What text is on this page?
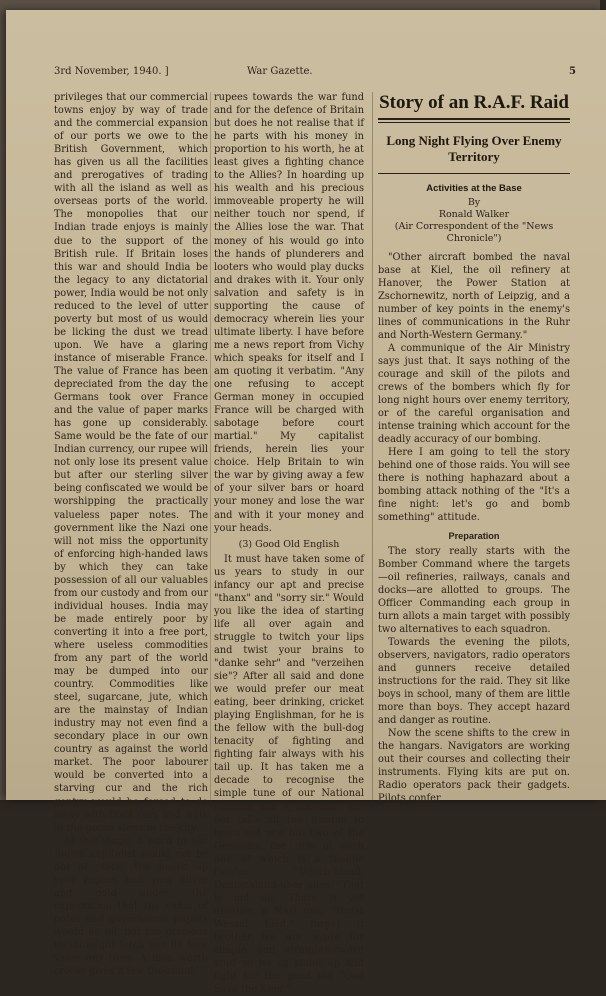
3rd November, 1940. ]	War Gazette.	5

privileges that our commercial towns enjoy by way of trade and the commercial expansion of our ports we owe to the British Government, which has given us all the facilities and prerogatives of trading with all the island as well as overseas ports of the world. The monopolies that our Indian trade enjoys is mainly due to the support of the British rule. If Britain loses this war and should India be the legacy to any dictatorial power, India would be not only reduced to the level of utter poverty but most of us would be licking the dust we tread upon. We have a glaring instance of miserable France. The value of France has been depreciated from the day the Germans took over France and the value of paper marks has gone up considerably. Same would be the fate of our Indian currency, our rupee will not only lose its present value but after our sterling silver being confiscated we would be worshipping the practically valueless paper notes. The government like the Nazi one will not miss the opportunity of enforcing high-handed laws by which they can take possession of all our valuables from our custody and from our individual houses. India may be made entirely poor by converting it into a free port, where useless commodities from any part of the world may be dumped into our country. Commodities like steel, sugarcane, jute, which are the mainstay of Indian industry may not even find a secondary place in our own country as against the world market. The poor labourer would be converted into a starving cur and the rich gentry would be forced to do away with their cars and walk in the goose steps in the city.

At this stage, a word to our Indian capitalist would not be out of place. You hoard up your rupees and your silver and gold under the expectation that the value of notes and government papers would be nil, but the precious metal might fetch you its face value any time. A man worth crores gives a few thousand

rupees towards the war fund and for the defence of Britain but does he not realise that if he parts with his money in proportion to his worth, he at least gives a fighting chance to the Allies? In hoarding up his wealth and his precious immoveable property he will neither touch nor spend, if the Allies lose the war. That money of his would go into the hands of plunderers and looters who would play ducks and drakes with it. Your only salvation and safety is in supporting the cause of democracy wherein lies your ultimate liberty. I have before me a news report from Vichy which speaks for itself and I am quoting it verbatim. "Any one refusing to accept German money in occupied France will be charged with sabotage before court martial." My capitalist friends, herein lies your choice. Help Britain to win the war by giving away a few of your silver bars or hoard your money and lose the war and with it your money and your heads.

(3) Good Old English

It must have taken some of us years to study in our infancy our apt and precise "thanx" and "sorry sir." Would you like the idea of starting life all over again and struggle to twitch your lips and twist your brains to "danke sehr" and "verzeihen sie"? After all said and done we would prefer our meat eating, beer drinking, cricket playing Englishman, for he is the fellow with the bull-dog tenacity of fighting and fighting fair always with his tail up. It has taken me a decade to recognise the simple tune of our National Anthem and I, for one, will not take all the trouble to learn not one but two of the Germans, the title of each one of which is a tongue twister. "Deutschland, Deutschland uber alles." That is not all. There is yet another, a Nazi one, "Horst Wessel Lied," forget it brother we are made for simple and straightforward stuff so let us stand up and fight for the good old "God Save the King."

Story of an R.A.F. Raid
Long Night Flying Over Enemy Territory
Activities at the Base
By
Ronald Walker
(Air Correspondent of the "News Chronicle")

"Other aircraft bombed the naval base at Kiel, the oil refinery at Hanover, the Power Station at Zschornewitz, north of Leipzig, and a number of key points in the enemy's lines of communications in the Ruhr and North-Western Germany."

A communique of the Air Ministry says just that. It says nothing of the courage and skill of the pilots and crews of the bombers which fly for long night hours over enemy territory, or of the careful organisation and intense training which account for the deadly accuracy of our bombing.

Here I am going to tell the story behind one of those raids. You will see there is nothing haphazard about a bombing attack nothing of the "It's a fine night: let's go and bomb something" attitude.

Preparation

The story really starts with the Bomber Command where the targets—oil refineries, railways, canals and docks—are allotted to groups. The Officer Commanding each group in turn allots a main target with possibly two alternatives to each squadron.

Towards the evening the pilots, observers, navigators, radio operators and gunners receive detailed instructions for the raid. They sit like boys in school, many of them are little more than boys. They accept hazard and danger as routine.

Now the scene shifts to the crew in the hangars. Navigators are working out their courses and collecting their instruments. Flying kits are put on. Radio operators pack their gadgets. Pilots confer
